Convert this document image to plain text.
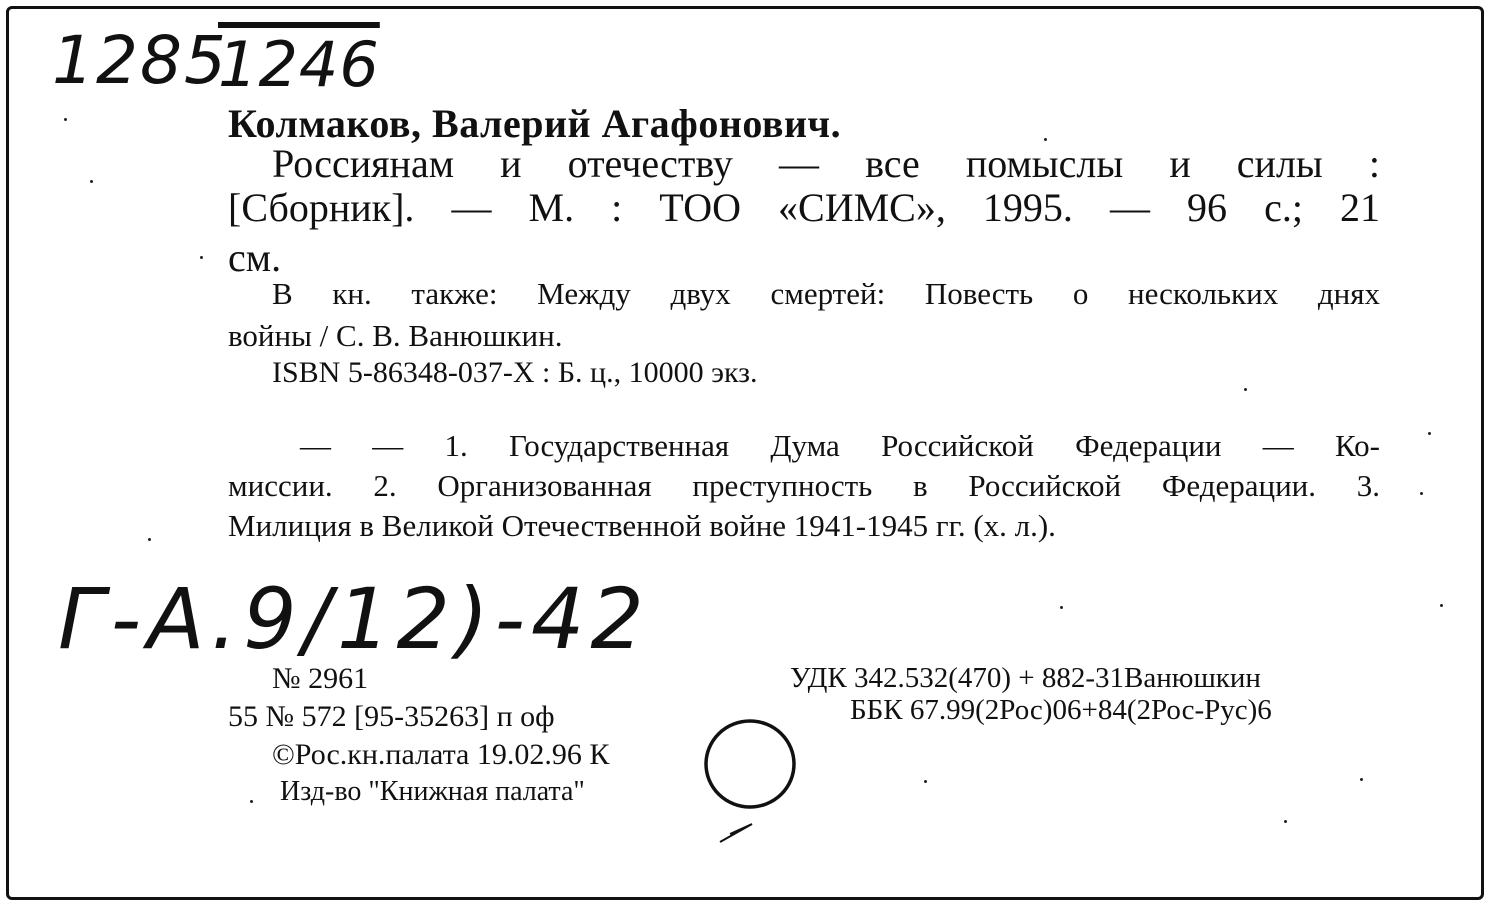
1285
1246
Г-А.9/12)-42
Колмаков, Валерий Агафонович.
Россиянам и отечеству — все помыслы и силы :
[Сборник]. — М. : ТОО «СИМС», 1995. — 96 с.; 21
см.
В кн. также: Между двух смертей: Повесть о нескольких днях
войны / С. В. Ванюшкин.
ISBN 5-86348-037-Х : Б. ц., 10000 экз.
— — 1. Государственная Дума Российской Федерации — Ко-
миссии. 2. Организованная преступность в Российской Федерации. 3.
Милиция в Великой Отечественной войне 1941-1945 гг. (х. л.).
№ 2961
55 № 572 [95-35263] п оф
©Рос.кн.палата 19.02.96 К
Изд-во "Книжная палата"
УДК 342.532(470) + 882-31Ванюшкин
ББК 67.99(2Рос)06+84(2Рос-Рус)6
